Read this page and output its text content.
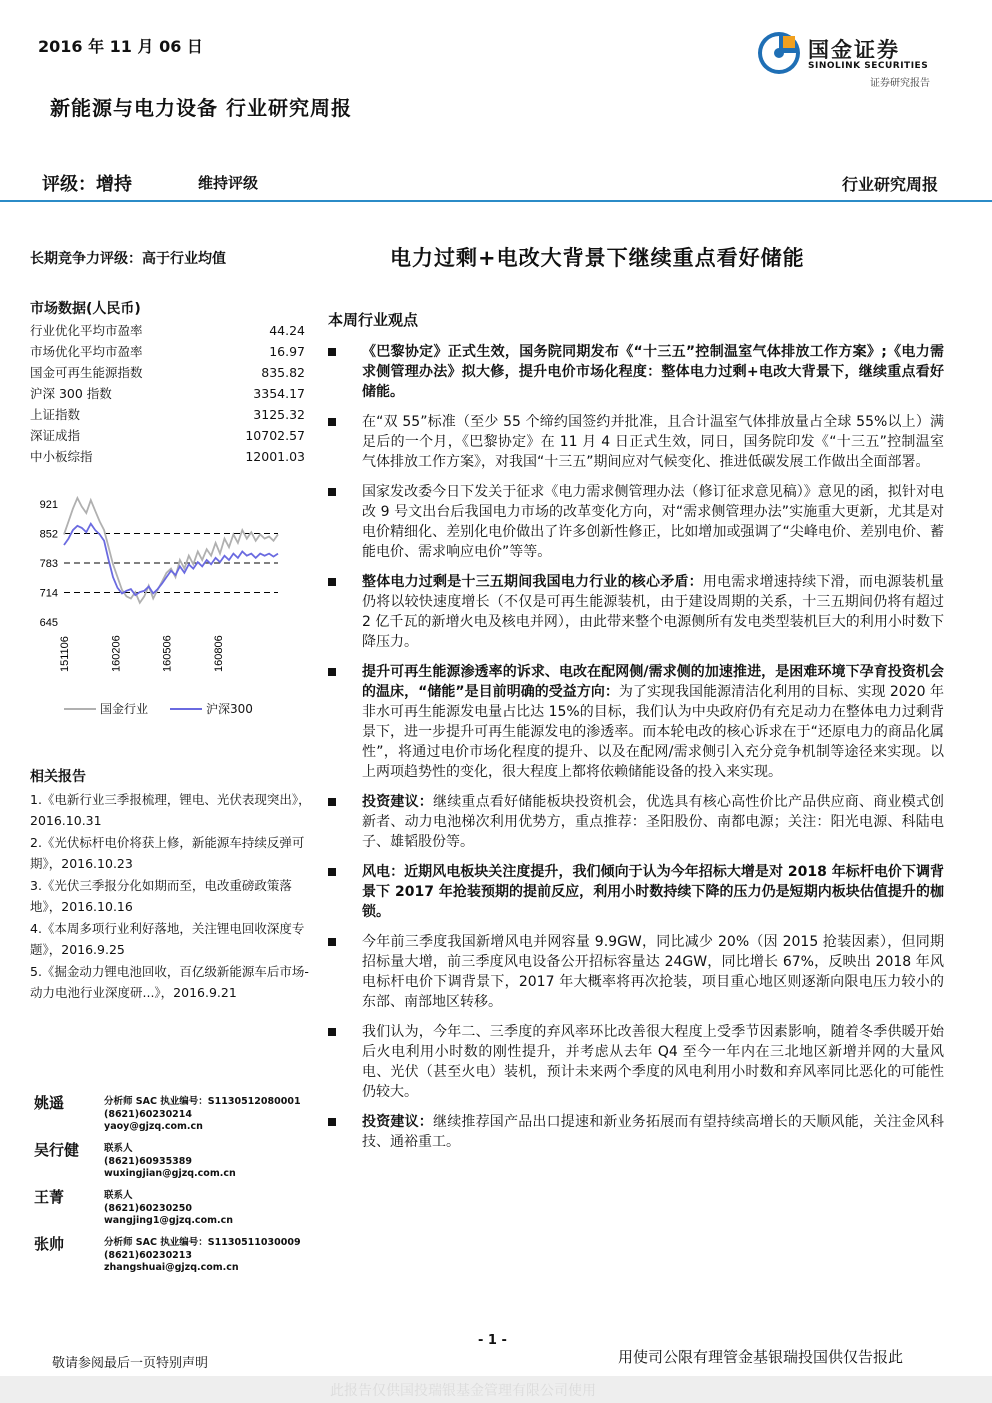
2016 年 11 月 06 日	国金证券
SINOLINK SECURITIES
证券研究报告
新能源与电力设备 行业研究周报
评级：增持	维持评级	行业研究周报
长期竞争力评级：高于行业均值
市场数据(人民币)
行业优化平均市盈率	44.24
市场优化平均市盈率	16.97
国金可再生能源指数	835.82
沪深 300 指数	3354.17
上证指数	3125.32
深证成指	10702.57
中小板综指	12001.03
921
852
783
714
645
151106	160206	160506	160806
国金行业	沪深300
相关报告
1.《电新行业三季报梳理，锂电、光伏表现突出》，2016.10.31
2.《光伏标杆电价将获上修，新能源车持续反弹可期》，2016.10.23
3.《光伏三季报分化如期而至，电改重磅政策落地》，2016.10.16
4.《本周多项行业利好落地，关注锂电回收深度专题》，2016.9.25
5.《掘金动力锂电池回收，百亿级新能源车后市场-动力电池行业深度研...》，2016.9.21
姚遥	分析师 SAC 执业编号：S1130512080001
(8621)60230214
yaoy@gjzq.com.cn
吴行健	联系人
(8621)60935389
wuxingjian@gjzq.com.cn
王菁	联系人
(8621)60230250
wangjing1@gjzq.com.cn
张帅	分析师 SAC 执业编号：S1130511030009
(8621)60230213
zhangshuai@gjzq.com.cn
电力过剩+电改大背景下继续重点看好储能
本周行业观点
《巴黎协定》正式生效，国务院同期发布《“十三五”控制温室气体排放工作方案》;《电力需求侧管理办法》拟大修，提升电价市场化程度：整体电力过剩+电改大背景下，继续重点看好储能。
在“双 55”标准（至少 55 个缔约国签约并批准，且合计温室气体排放量占全球 55%以上）满足后的一个月，《巴黎协定》在 11 月 4 日正式生效，同日，国务院印发《“十三五”控制温室气体排放工作方案》，对我国“十三五”期间应对气候变化、推进低碳发展工作做出全面部署。
国家发改委今日下发关于征求《电力需求侧管理办法（修订征求意见稿）》意见的函，拟针对电改 9 号文出台后我国电力市场的改革变化方向，对“需求侧管理办法”实施重大更新，尤其是对电价精细化、差别化电价做出了许多创新性修正，比如增加或强调了“尖峰电价、差别电价、蓄能电价、需求响应电价”等等。
整体电力过剩是十三五期间我国电力行业的核心矛盾：用电需求增速持续下滑，而电源装机量仍将以较快速度增长（不仅是可再生能源装机，由于建设周期的关系，十三五期间仍将有超过 2 亿千瓦的新增火电及核电并网），由此带来整个电源侧所有发电类型装机巨大的利用小时数下降压力。
提升可再生能源渗透率的诉求、电改在配网侧/需求侧的加速推进，是困难环境下孕育投资机会的温床，“储能”是目前明确的受益方向：为了实现我国能源清洁化利用的目标、实现 2020 年非水可再生能源发电量占比达 15%的目标，我们认为中央政府仍有充足动力在整体电力过剩背景下，进一步提升可再生能源发电的渗透率。而本轮电改的核心诉求在于“还原电力的商品化属性”，将通过电价市场化程度的提升、以及在配网/需求侧引入充分竞争机制等途径来实现。以上两项趋势性的变化，很大程度上都将依赖储能设备的投入来实现。
投资建议：继续重点看好储能板块投资机会，优选具有核心高性价比产品供应商、商业模式创新者、动力电池梯次利用优势方，重点推荐：圣阳股份、南都电源；关注：阳光电源、科陆电子、雄韬股份等。
风电：近期风电板块关注度提升，我们倾向于认为今年招标大增是对 2018 年标杆电价下调背景下 2017 年抢装预期的提前反应，利用小时数持续下降的压力仍是短期内板块估值提升的枷锁。
今年前三季度我国新增风电并网容量 9.9GW，同比减少 20%（因 2015 抢装因素），但同期招标量大增，前三季度风电设备公开招标容量达 24GW，同比增长 67%，反映出 2018 年风电标杆电价下调背景下，2017 年大概率将再次抢装，项目重心地区则逐渐向限电压力较小的东部、南部地区转移。
我们认为，今年二、三季度的弃风率环比改善很大程度上受季节因素影响，随着冬季供暖开始后火电利用小时数的刚性提升，并考虑从去年 Q4 至今一年内在三北地区新增并网的大量风电、光伏（甚至火电）装机，预计未来两个季度的风电利用小时数和弃风率同比恶化的可能性仍较大。
投资建议：继续推荐国产品出口提速和新业务拓展而有望持续高增长的天顺风能，关注金风科技、通裕重工。
- 1 -
敬请参阅最后一页特别声明	用使司公限有理管金基银瑞投国供仅告报此
此报告仅供国投瑞银基金管理有限公司使用
